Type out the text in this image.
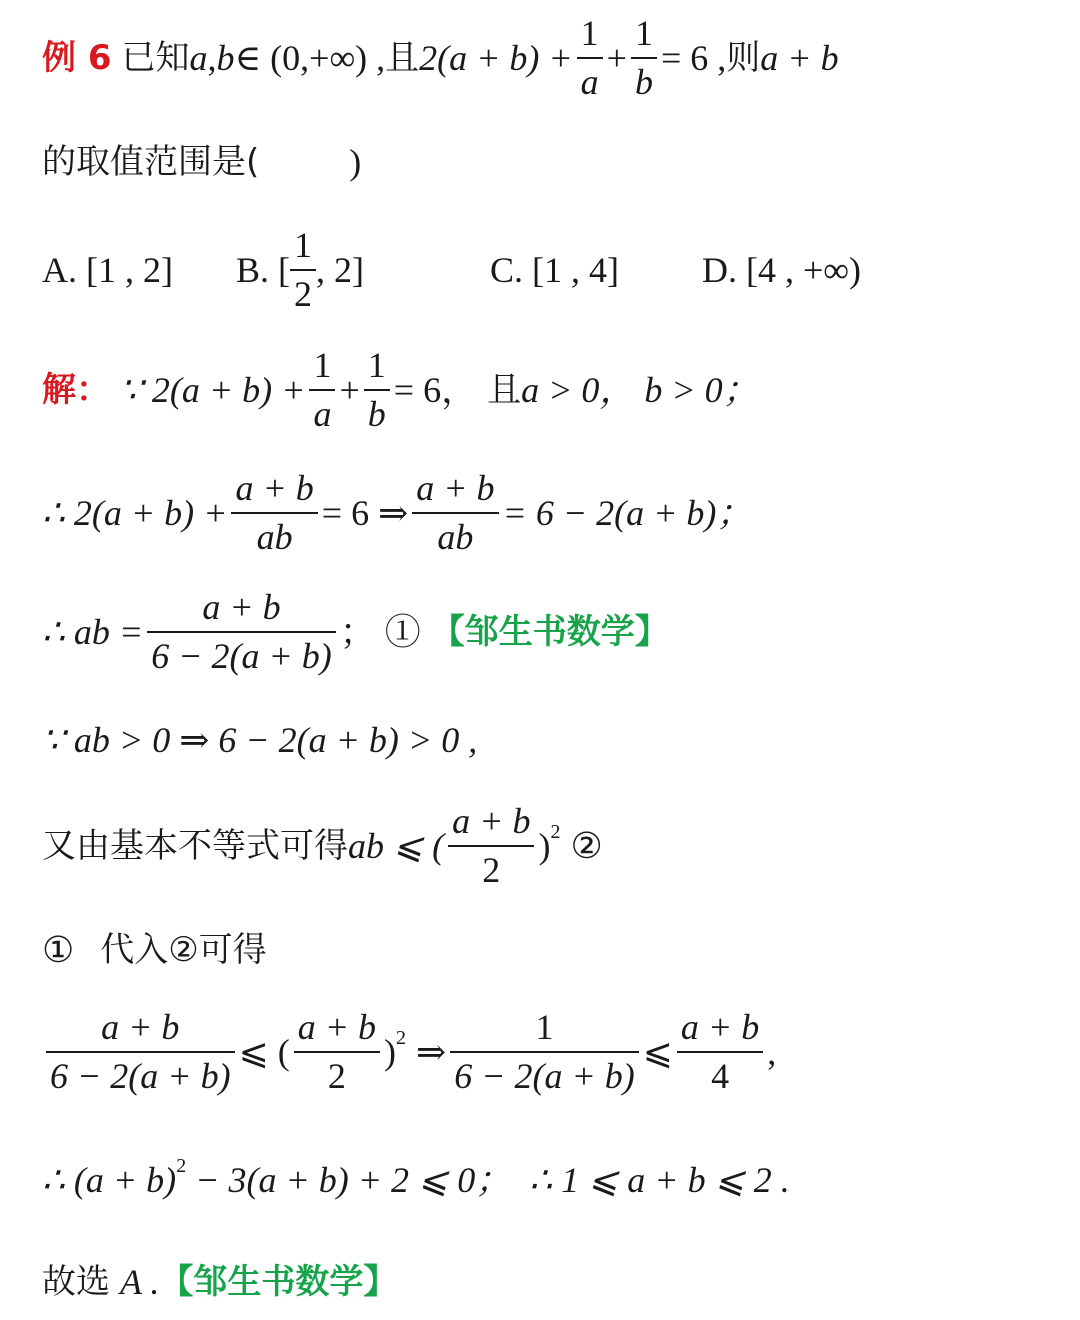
例 6 已知 a , b ∈ (0,+∞) , 且 $2(a + b) + \frac{1}{a} + \frac{1}{b} = 6$ , 则 a + b
的取值范围是(	)
A. [1 , 2]	B. [ $\frac{1}{2}$ , 2]	C. [1 , 4]	D. [4 , +∞)
解： ∵ $2(a + b) + \frac{1}{a} + \frac{1}{b} = 6$， 且 a > 0， b > 0；
∴ $2(a + b) + \frac{a + b}{ab} = 6$ ⇒ $\frac{a + b}{ab} = 6 - 2(a + b)$；
∴ ab = $\frac{a + b}{6 - 2(a + b)}$ ； ① 【邹生书数学】
∵ ab > 0 ⇒ 6 − 2(a + b) > 0 ,
又由基本不等式可得 ab ⩽ ( $\frac{a + b}{2} )^2$ ②
① 代入②可得
$\frac{a + b}{6 - 2(a + b)}$ ⩽ ( $\frac{a + b}{2} )^2$ ⇒ $\frac{1}{6 - 2(a + b)}$ ⩽ $\frac{a + b}{4}$ ,
∴ $(a + b)^2 - 3(a + b) + 2$ ⩽ 0；  ∴ 1 ⩽ a + b ⩽ 2 .
故选 A . 【邹生书数学】
